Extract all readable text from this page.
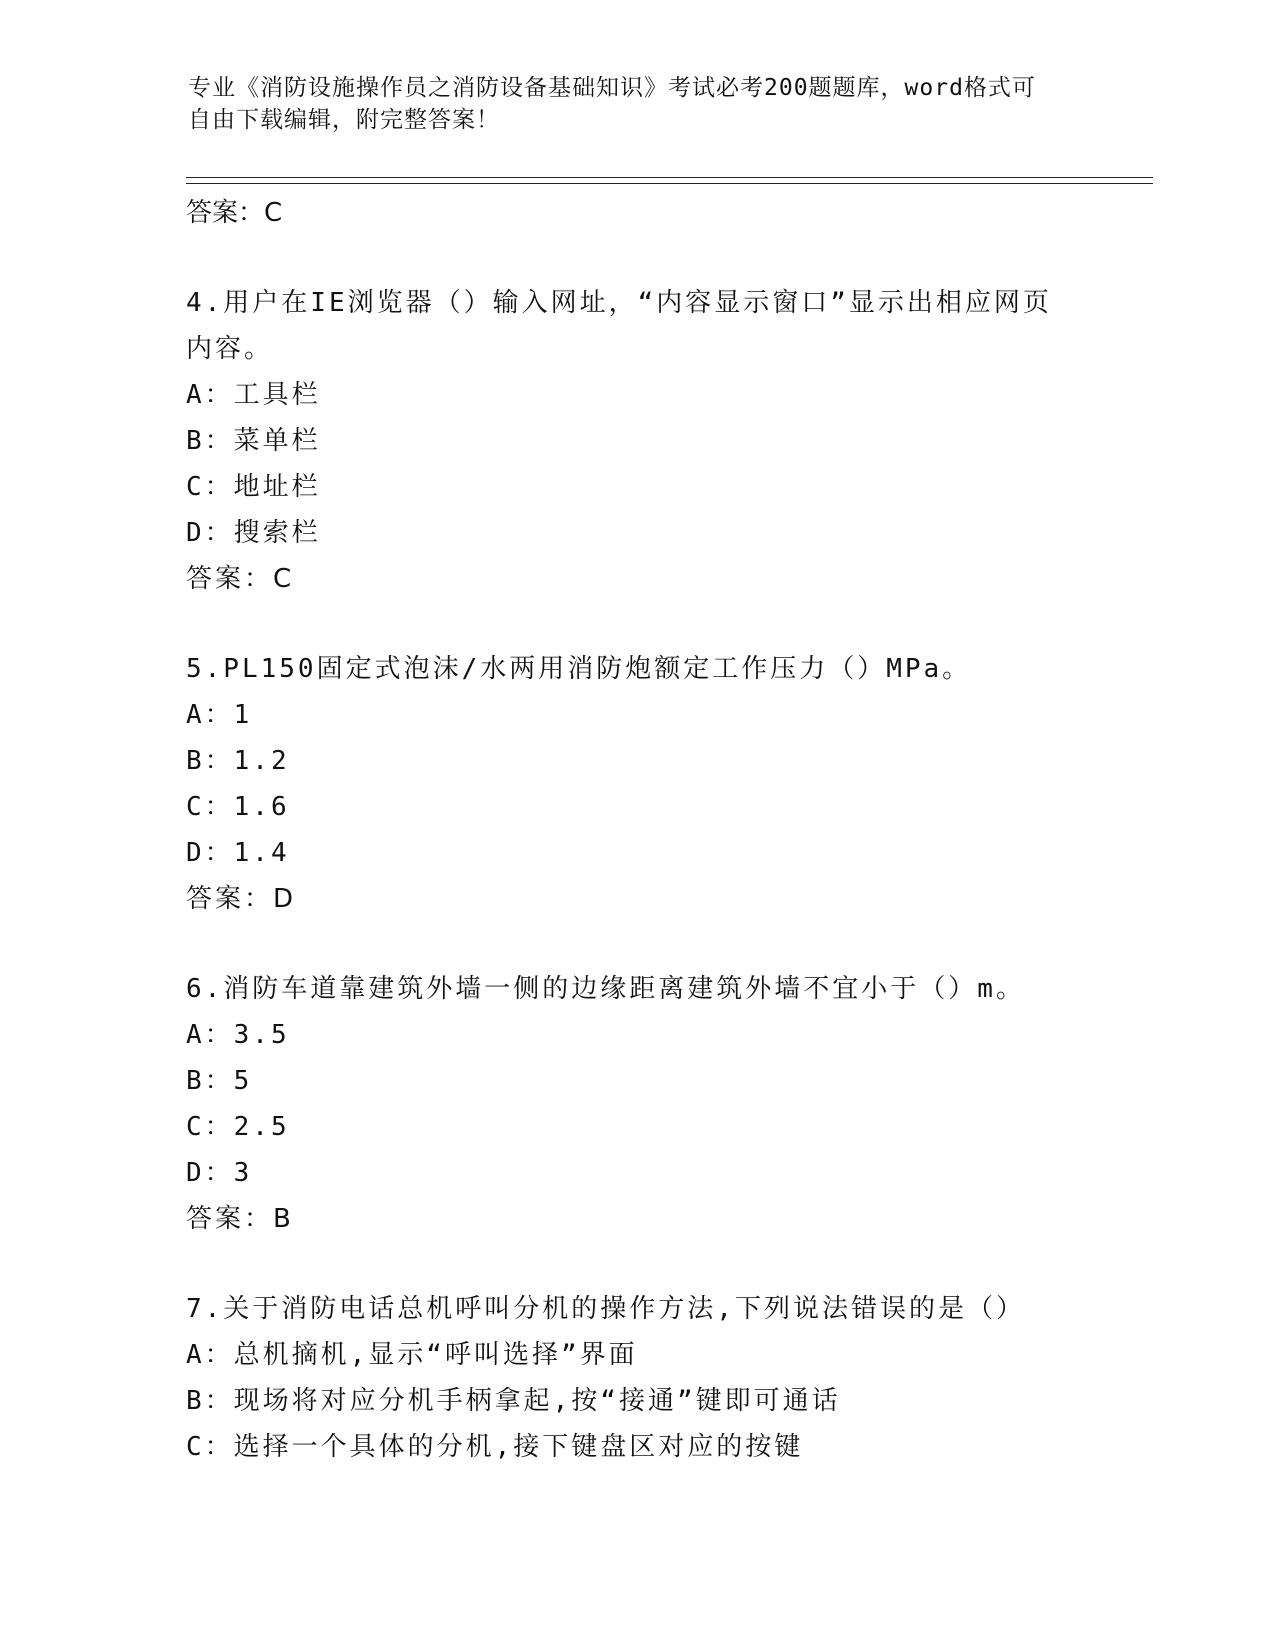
专业《消防设施操作员之消防设备基础知识》考试必考200题题库，word格式可
自由下载编辑，附完整答案！
答案：C
4.用户在IE浏览器（）输入网址，“内容显示窗口”显示出相应网页
内容。
A：工具栏
B：菜单栏
C：地址栏
D：搜索栏
答案：C
5.PL150固定式泡沫/水两用消防炮额定工作压力（）MPa。
A：1
B：1.2
C：1.6
D：1.4
答案：D
6.消防车道靠建筑外墙一侧的边缘距离建筑外墙不宜小于（）m。
A：3.5
B：5
C：2.5
D：3
答案：B
7.关于消防电话总机呼叫分机的操作方法,下列说法错误的是（）
A：总机摘机,显示“呼叫选择”界面
B：现场将对应分机手柄拿起,按“接通”键即可通话
C：选择一个具体的分机,接下键盘区对应的按键
